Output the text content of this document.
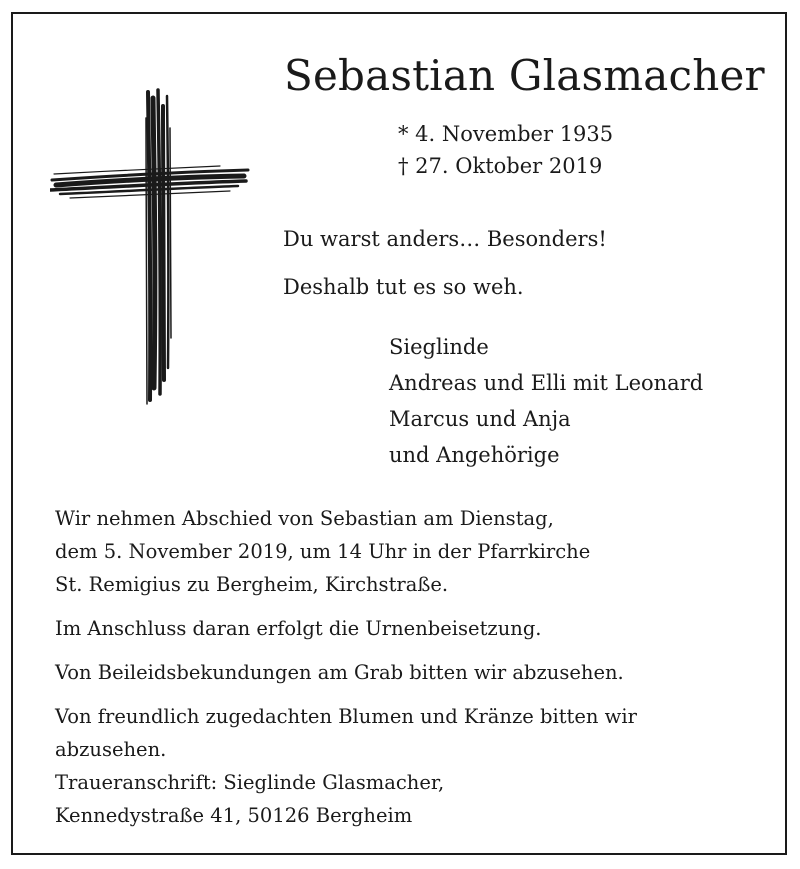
Sebastian Glasmacher
* 4. November 1935
† 27. Oktober 2019
Du warst anders… Besonders!
Deshalb tut es so weh.
Sieglinde
Andreas und Elli mit Leonard
Marcus und Anja
und Angehörige

Wir nehmen Abschied von Sebastian am Dienstag,

dem 5. November 2019, um 14 Uhr in der Pfarrkirche

St. Remigius zu Bergheim, Kirchstraße.

Im Anschluss daran erfolgt die Urnenbeisetzung.

Von Beileidsbekundungen am Grab bitten wir abzusehen.

Von freundlich zugedachten Blumen und Kränze bitten wir

abzusehen.

Traueranschrift: Sieglinde Glasmacher,

Kennedystraße 41, 50126 Bergheim
